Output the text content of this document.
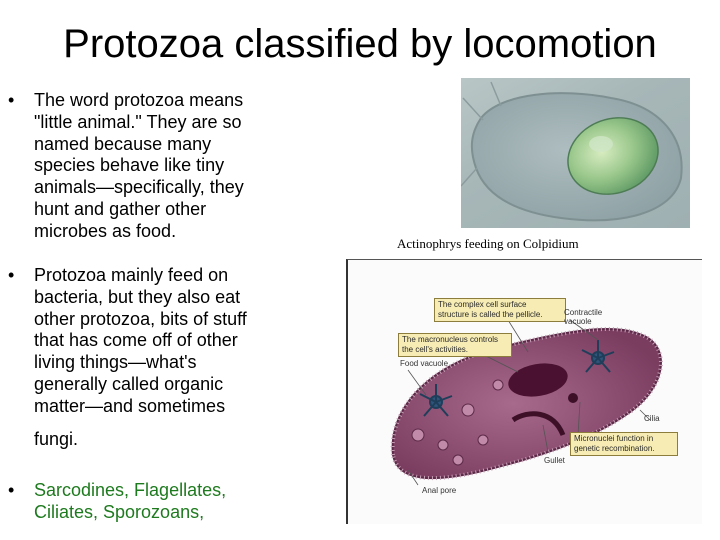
Protozoa classified by locomotion
•	The word protozoa means
"little animal." They are so
named because many
species behave like tiny
animals—specifically, they
hunt and gather other
microbes as food.
•	Protozoa mainly feed on
bacteria, but they also eat
other protozoa, bits of stuff
that has come off of other
living things—what's
generally called organic
matter—and sometimes
fungi.
•	Sarcodines, Flagellates,
Ciliates, Sporozoans,
Actinophrys feeding on Colpidium
The complex cell surface
structure is called the pellicle.
The macronucleus controls
the cell's activities.
Micronuclei function in
genetic recombination.
Contractile
vacuole
Food vacuole
Cilia
Gullet
Anal pore
